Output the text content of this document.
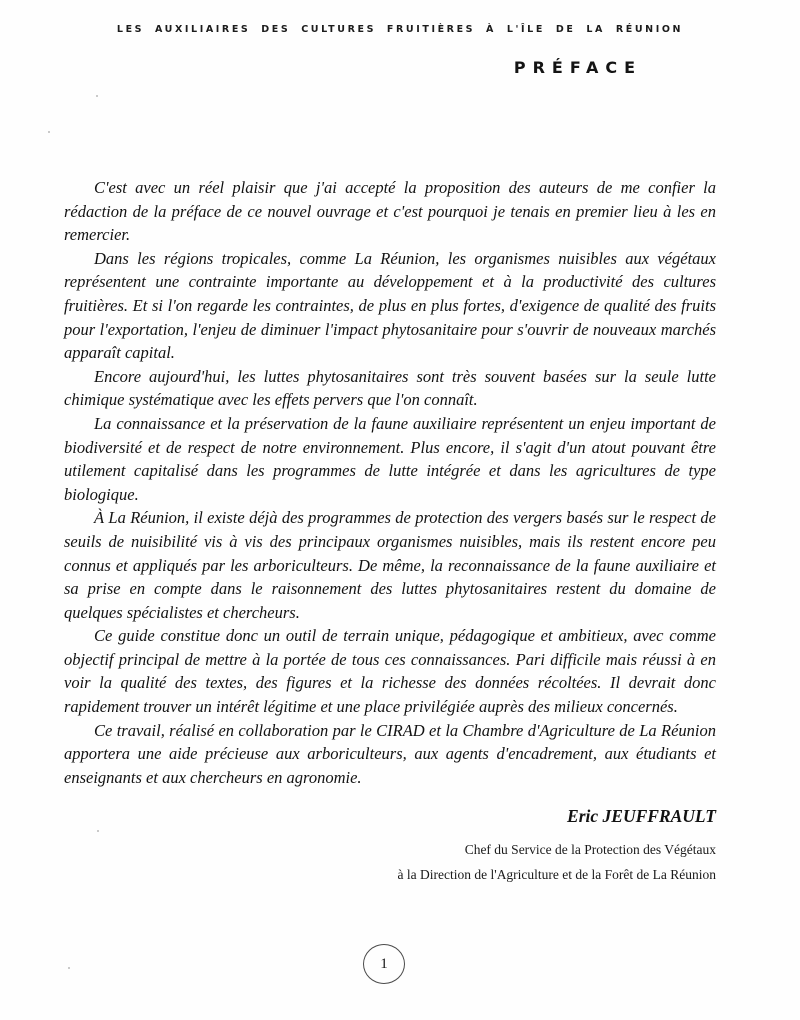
LES AUXILIAIRES DES CULTURES FRUITIÈRES À L'ÎLE DE LA RÉUNION
PRÉFACE

C'est avec un réel plaisir que j'ai accepté la proposition des auteurs de me confier la rédaction de la préface de ce nouvel ouvrage et c'est pourquoi je tenais en premier lieu à les en remercier.

Dans les régions tropicales, comme La Réunion, les organismes nuisibles aux végétaux représentent une contrainte importante au développement et à la productivité des cultures fruitières. Et si l'on regarde les contraintes, de plus en plus fortes, d'exigence de qualité des fruits pour l'exportation, l'enjeu de diminuer l'impact phytosanitaire pour s'ouvrir de nouveaux marchés apparaît capital.

Encore aujourd'hui, les luttes phytosanitaires sont très souvent basées sur la seule lutte chimique systématique avec les effets pervers que l'on connaît.

La connaissance et la préservation de la faune auxiliaire représentent un enjeu important de biodiversité et de respect de notre environnement. Plus encore, il s'agit d'un atout pouvant être utilement capitalisé dans les programmes de lutte intégrée et dans les agricultures de type biologique.

À La Réunion, il existe déjà des programmes de protection des vergers basés sur le respect de seuils de nuisibilité vis à vis des principaux organismes nuisibles, mais ils restent encore peu connus et appliqués par les arboriculteurs. De même, la reconnaissance de la faune auxiliaire et sa prise en compte dans le raisonnement des luttes phytosanitaires restent du domaine de quelques spécialistes et chercheurs.

Ce guide constitue donc un outil de terrain unique, pédagogique et ambitieux, avec comme objectif principal de mettre à la portée de tous ces connaissances. Pari difficile mais réussi à en voir la qualité des textes, des figures et la richesse des données récoltées. Il devrait donc rapidement trouver un intérêt légitime et une place privilégiée auprès des milieux concernés.

Ce travail, réalisé en collaboration par le CIRAD et la Chambre d'Agriculture de La Réunion apportera une aide précieuse aux arboriculteurs, aux agents d'encadrement, aux étudiants et enseignants et aux chercheurs en agronomie.

Eric JEUFFRAULT
Chef du Service de la Protection des Végétaux
à la Direction de l'Agriculture et de la Forêt de La Réunion
1
